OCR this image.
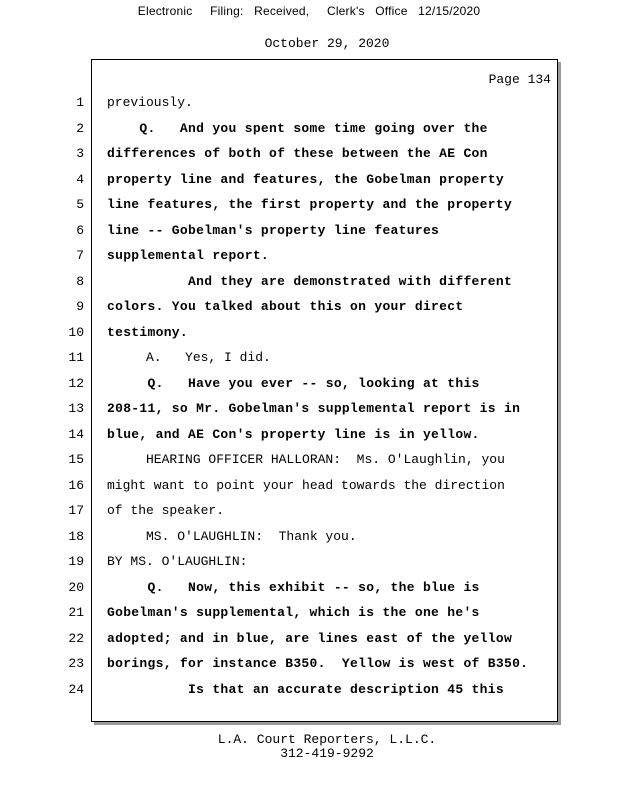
Electronic     Filing:   Received,     Clerk's   Office   12/15/2020
October 29, 2020
Page 134
1 previously.
2 Q.   And you spent some time going over the
3 differences of both of these between the AE Con
4 property line and features, the Gobelman property
5 line features, the first property and the property
6 line -- Gobelman's property line features
7 supplemental report.
8 And they are demonstrated with different
9 colors. You talked about this on your direct
10 testimony.
11 A.   Yes, I did.
12 Q.   Have you ever -- so, looking at this
13 208-11, so Mr. Gobelman's supplemental report is in
14 blue, and AE Con's property line is in yellow.
15 HEARING OFFICER HALLORAN:  Ms. O'Laughlin, you
16 might want to point your head towards the direction
17 of the speaker.
18 MS. O'LAUGHLIN:  Thank you.
19 BY MS. O'LAUGHLIN:
20 Q.   Now, this exhibit -- so, the blue is
21 Gobelman's supplemental, which is the one he's
22 adopted; and in blue, are lines east of the yellow
23 borings, for instance B350.  Yellow is west of B350.
24 Is that an accurate description 45 this
L.A. Court Reporters, L.L.C.
312-419-9292
